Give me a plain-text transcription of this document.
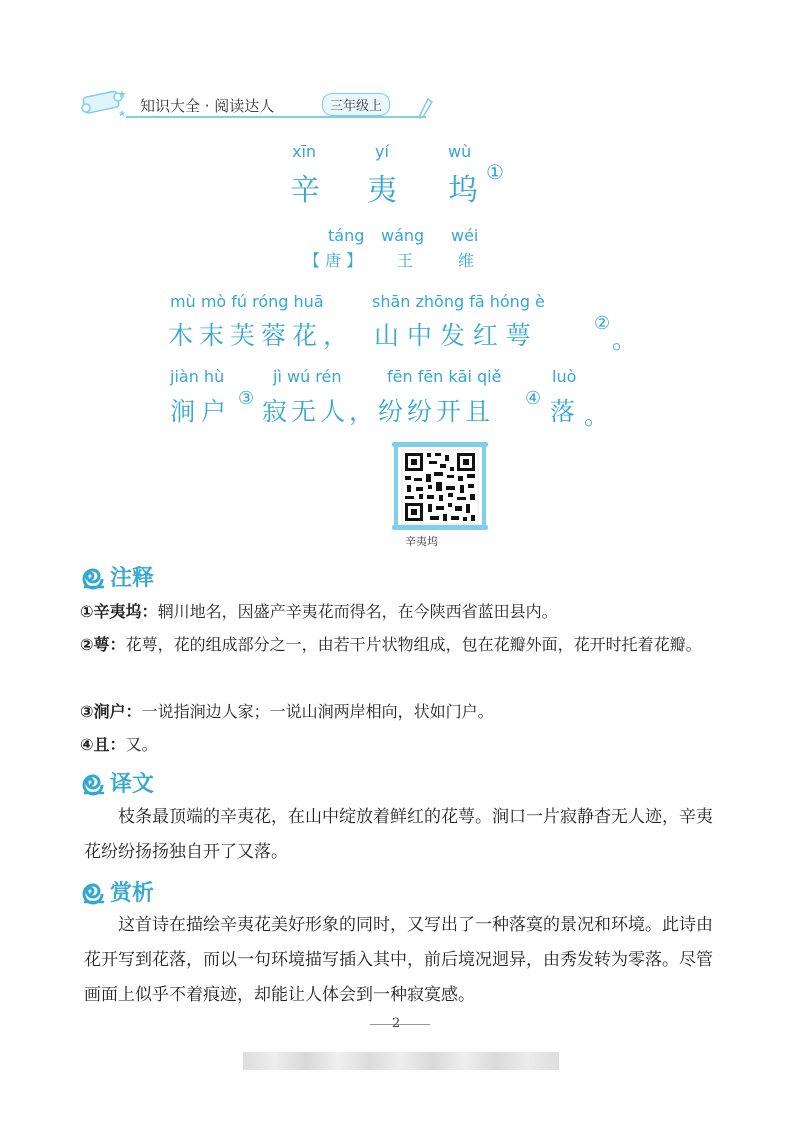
知识大全 · 阅读达人	三年级上
xīn	yí	wù
辛 夷 坞
①
táng wáng wéi
【 唐 】 王	维
mù mò fú róng huā	shān zhōng fā hóng è
木末芙蓉花， 山 中 发 红 萼	②
。
jiàn hù	jì wú rén	fēn fēn kāi qiě	luò
涧户 ③ 寂无人，纷纷开且 ④ 落 。
辛夷坞
注释
①辛夷坞：辋川地名，因盛产辛夷花而得名，在今陕西省蓝田县内。
②萼：花萼，花的组成部分之一，由若干片状物组成，包在花瓣外面，花开时托着花瓣。
③涧户：一说指涧边人家；一说山涧两岸相向，状如门户。
④且：又。
译文
枝条最顶端的辛夷花，在山中绽放着鲜红的花萼。涧口一片寂静杳无人迹，辛夷花纷纷扬扬独自开了又落。
赏析
这首诗在描绘辛夷花美好形象的同时，又写出了一种落寞的景况和环境。此诗由花开写到花落，而以一句环境描写插入其中，前后境况迥异，由秀发转为零落。尽管画面上似乎不着痕迹，却能让人体会到一种寂寞感。
2
